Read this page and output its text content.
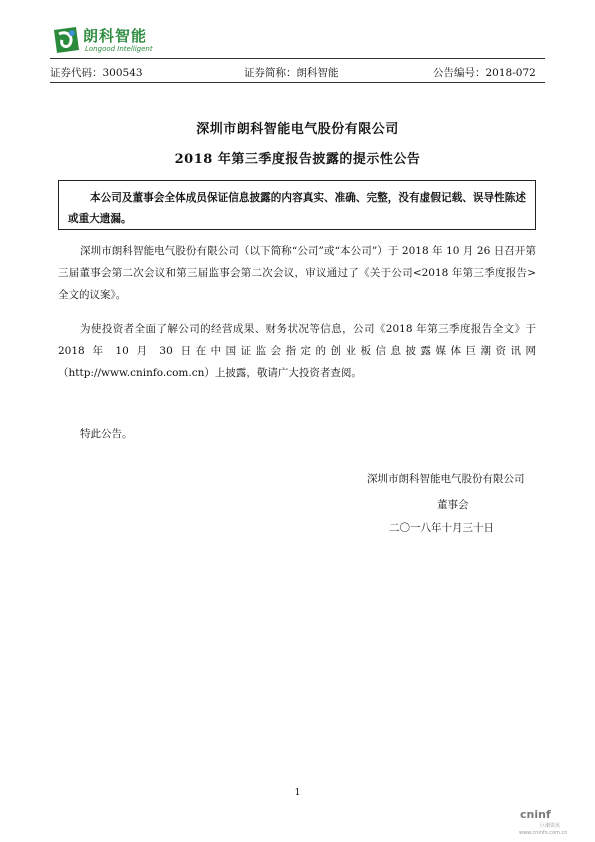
朗科智能
Longood Intelligent
证券代码：300543	证券简称：朗科智能	公告编号：2018-072
深圳市朗科智能电气股份有限公司
2018 年第三季度报告披露的提示性公告
本公司及董事会全体成员保证信息披露的内容真实、准确、完整，没有虚假记载、误导性陈述或重大遗漏。
深圳市朗科智能电气股份有限公司（以下简称“公司”或“本公司”）于 2018 年 10 月 26 日召开第三届董事会第二次会议和第三届监事会第二次会议，审议通过了《关于公司<2018 年第三季度报告>全文的议案》。
为使投资者全面了解公司的经营成果、财务状况等信息，公司《2018 年第三季度报告全文》于 2018 年 10 月 30 日在中国证监会指定的创业板信息披露媒体巨潮资讯网（http://www.cninfo.com.cn）上披露，敬请广大投资者查阅。
特此公告。
深圳市朗科智能电气股份有限公司
董事会
二〇一八年十月三十日
1
cninf
巨潮资讯
www.cninfo.com.cn
